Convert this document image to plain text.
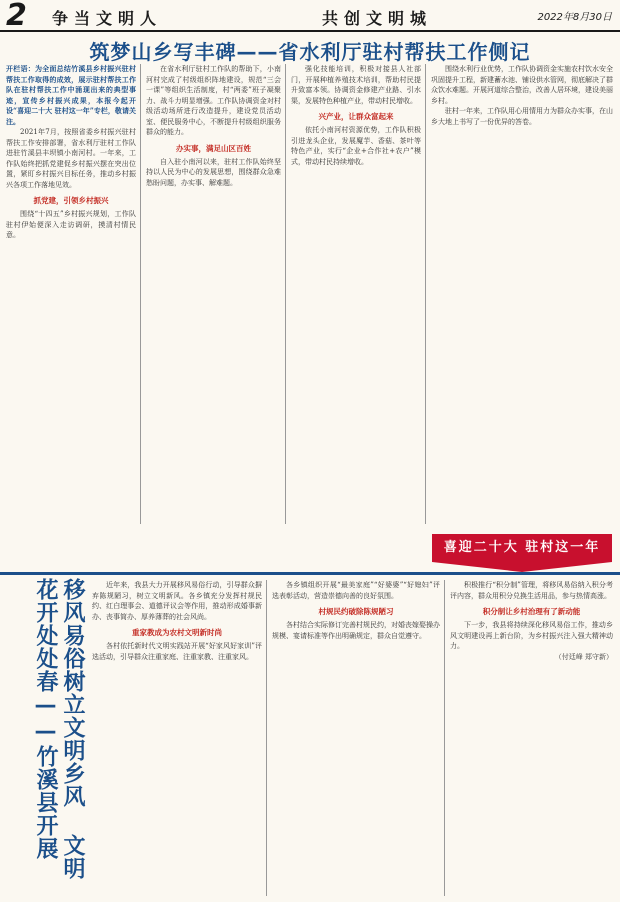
2 争当文明人	共创文明城	2022年8月30日
筑梦山乡写丰碑——省水利厅驻村帮扶工作侧记

开栏语：为全面总结竹溪县乡村振兴驻村帮扶工作取得的成效，展示驻村帮扶工作队在驻村帮扶工作中涌现出来的典型事迹，宣传乡村振兴成果，本报今起开设“喜迎二十大 驻村这一年”专栏，敬请关注。

2021年7月，按照省委乡村振兴驻村帮扶工作安排部署，省水利厅驻村工作队进驻竹溪县丰坝镇小南河村。一年来，工作队始终把抓党建促乡村振兴摆在突出位置，紧盯乡村振兴目标任务，推动乡村振兴各项工作落地见效。

抓党建，引领乡村振兴

围绕“十四五”乡村振兴规划，工作队驻村伊始便深入走访调研，摸清村情民意。

在省水利厅驻村工作队的帮助下，小南河村完成了村级组织阵地建设，规范“三会一课”等组织生活制度，村“两委”班子凝聚力、战斗力明显增强。工作队协调资金对村级活动场所进行改造提升，建设党员活动室、便民服务中心，不断提升村级组织服务群众的能力。

办实事，满足山区百姓

自入驻小南河以来，驻村工作队始终坚持以人民为中心的发展思想，围绕群众急难愁盼问题，办实事、解难题。

强化技能培训，积极对接县人社部门，开展种植养殖技术培训，帮助村民提升致富本领。协调资金修建产业路、引水渠，发展特色种植产业，带动村民增收。

兴产业，让群众富起来

依托小南河村资源优势，工作队积极引进龙头企业，发展魔芋、香菇、茶叶等特色产业，实行“企业+合作社+农户”模式，带动村民持续增收。

围绕水利行业优势，工作队协调资金实施农村饮水安全巩固提升工程，新建蓄水池、铺设供水管网，彻底解决了群众饮水难题。开展河道综合整治，改善人居环境，建设美丽乡村。

驻村一年来，工作队用心用情用力为群众办实事，在山乡大地上书写了一份优异的答卷。

喜迎二十大 驻村这一年
移风易俗树立文明乡风 文明花开处处春——竹溪县开展	近年来，我县大力开展移风易俗行动，引导群众摒弃陈规陋习，树立文明新风。各乡镇充分发挥村规民约、红白理事会、道德评议会等作用，推动形成婚事新办、丧事简办、厚养薄葬的社会风尚。

重家教成为农村文明新时尚

各村依托新时代文明实践站开展“好家风好家训”评选活动，引导群众注重家庭、注重家教、注重家风。

各乡镇组织开展“最美家庭”“好婆婆”“好媳妇”评选表彰活动，营造崇德向善的良好氛围。

村规民约破除陈规陋习

各村结合实际修订完善村规民约，对婚丧嫁娶操办规模、宴请标准等作出明确规定，群众自觉遵守。

积极推行“积分制”管理，将移风易俗纳入积分考评内容，群众用积分兑换生活用品，参与热情高涨。

积分制让乡村治理有了新动能

下一步，我县将持续深化移风易俗工作，推动乡风文明建设再上新台阶，为乡村振兴注入强大精神动力。

（付廷峰 郑守新）
